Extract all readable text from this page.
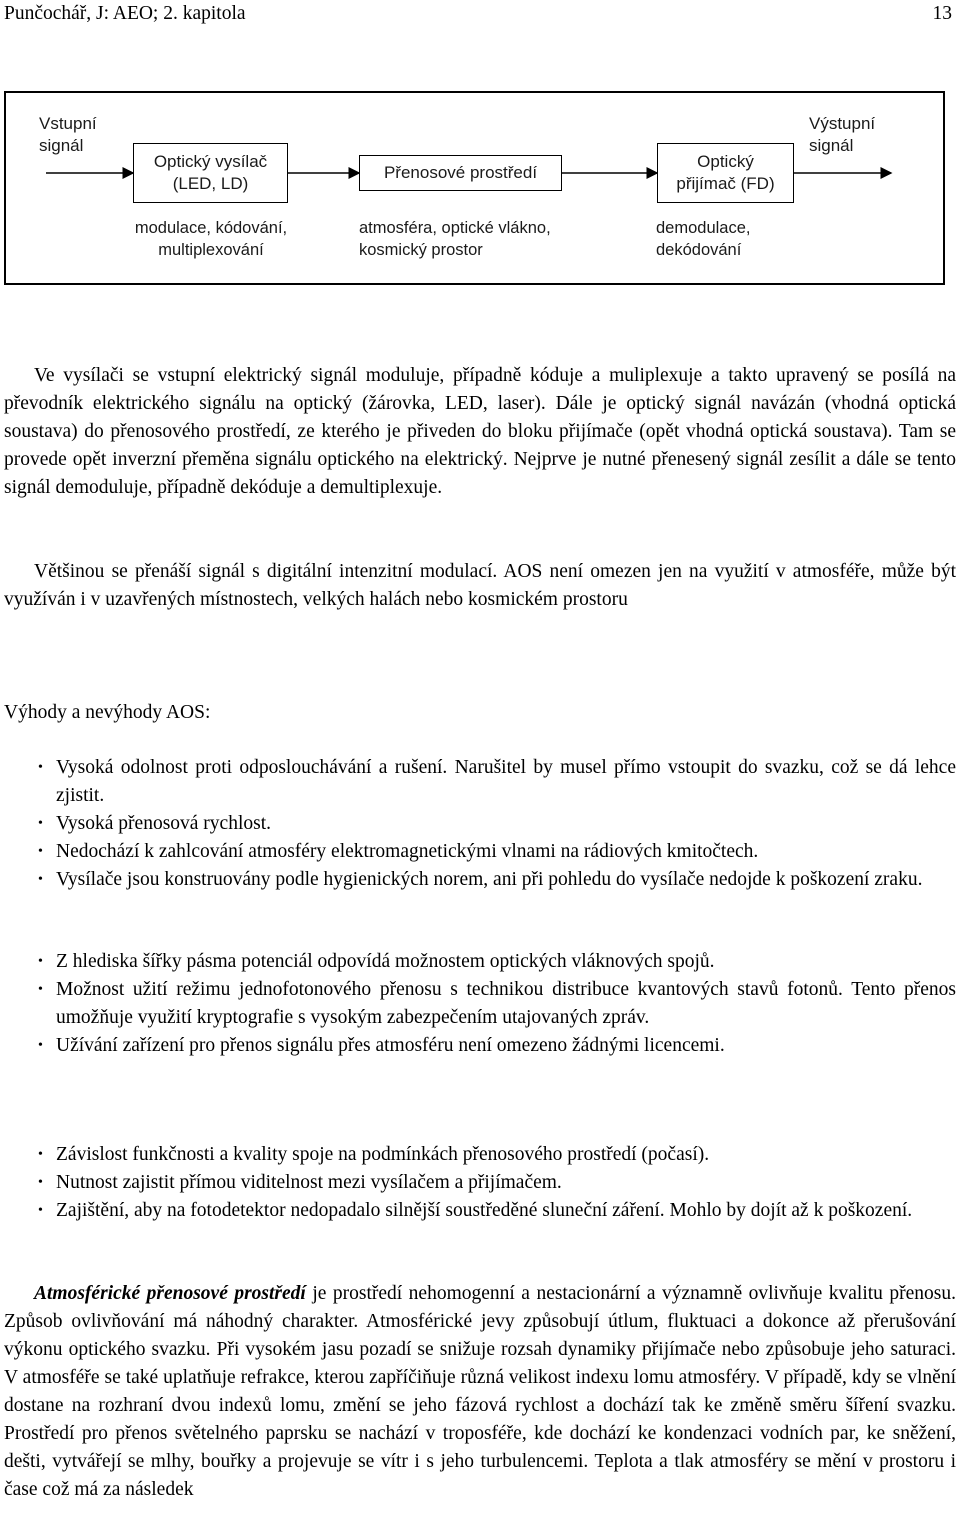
Punčochář, J: AEO; 2. kapitola	13
Vstupní
signál
Výstupní
signál
Optický vysílač
(LED, LD)
Přenosové prostředí
Optický
přijímač (FD)
modulace, kódování,
multiplexování
atmosféra, optické vlákno,
kosmický prostor
demodulace,
dekódování

Ve vysílači se vstupní elektrický signál moduluje, případně kóduje a muliplexuje a takto upravený se posílá na převodník elektrického signálu na optický (žárovka, LED, laser). Dále je optický signál navázán (vhodná optická soustava) do přenosového prostředí, ze kterého je přiveden do bloku přijímače (opět vhodná optická soustava). Tam se provede opět inverzní přeměna signálu optického na elektrický. Nejprve je nutné přenesený signál zesílit a dále se tento signál demoduluje, případně dekóduje a demultiplexuje.

Většinou se přenáší signál s digitální intenzitní modulací. AOS není omezen jen na využití v atmosféře, může být využíván i v uzavřených místnostech, velkých halách nebo kosmickém prostoru

Výhody a nevýhody AOS:
• Vysoká odolnost proti odposlouchávání a rušení. Narušitel by musel přímo vstoupit do svazku, což se dá lehce zjistit.
• Vysoká přenosová rychlost.
• Nedochází k zahlcování atmosféry elektromagnetickými vlnami na rádiových kmitočtech.
• Vysílače jsou konstruovány podle hygienických norem, ani při pohledu do vysílače nedojde k poškození zraku.
• Z hlediska šířky pásma potenciál odpovídá možnostem optických vláknových spojů.
• Možnost užití režimu jednofotonového přenosu s technikou distribuce kvantových stavů fotonů. Tento přenos umožňuje využití kryptografie s vysokým zabezpečením utajovaných zpráv.
• Užívání zařízení pro přenos signálu přes atmosféru není omezeno žádnými licencemi.
• Závislost funkčnosti a kvality spoje na podmínkách přenosového prostředí (počasí).
• Nutnost zajistit přímou viditelnost mezi vysílačem a přijímačem.
• Zajištění, aby na fotodetektor nedopadalo silnější soustředěné sluneční záření. Mohlo by dojít až k poškození.

Atmosférické přenosové prostředí je prostředí nehomogenní a nestacionární a významně ovlivňuje kvalitu přenosu. Způsob ovlivňování má náhodný charakter. Atmosférické jevy způsobují útlum, fluktuaci a dokonce až přerušování výkonu optického svazku. Při vysokém jasu pozadí se snižuje rozsah dynamiky přijímače nebo způsobuje jeho saturaci. V atmosféře se také uplatňuje refrakce, kterou zapříčiňuje různá velikost indexu lomu atmosféry. V případě, kdy se vlnění dostane na rozhraní dvou indexů lomu, změní se jeho fázová rychlost a dochází tak ke změně směru šíření svazku. Prostředí pro přenos světelného paprsku se nachází v troposféře, kde dochází ke kondenzaci vodních par, ke sněžení, dešti, vytvářejí se mlhy, bouřky a projevuje se vítr i s jeho turbulencemi. Teplota a tlak atmosféry se mění v prostoru i čase což má za následek
